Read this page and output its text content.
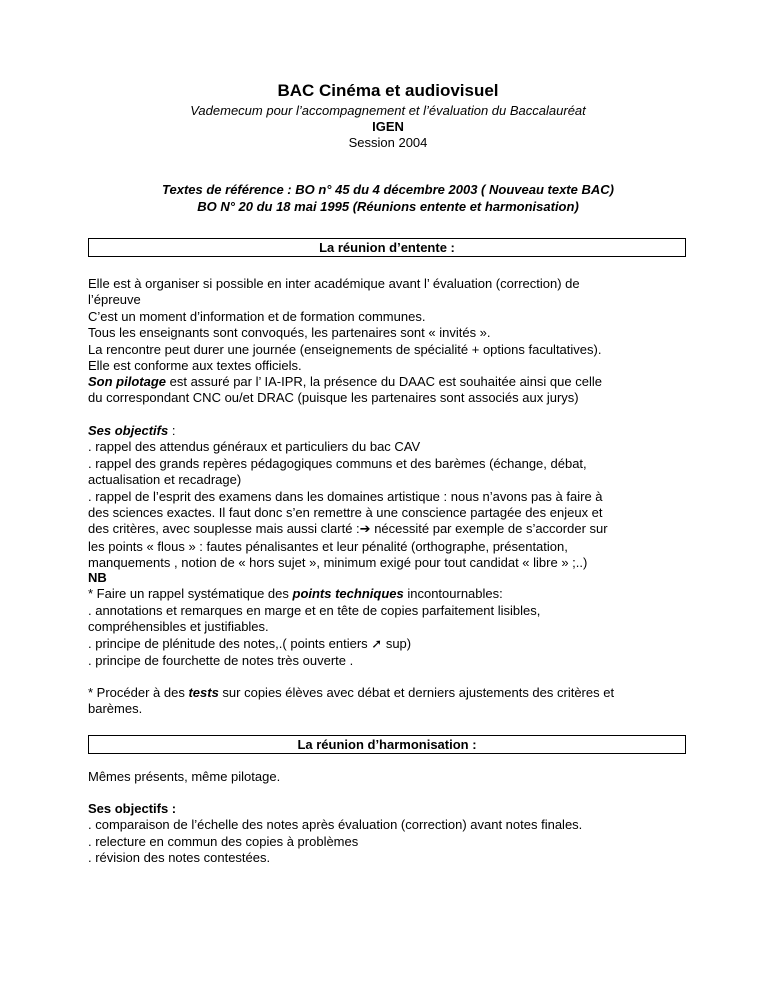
BAC Cinéma et audiovisuel
Vademecum pour l’accompagnement et l’évaluation du Baccalauréat
IGEN
Session 2004
Textes de référence : BO n° 45 du 4 décembre 2003 ( Nouveau texte BAC)
BO N° 20 du 18 mai 1995 (Réunions entente et harmonisation)
La réunion d’entente :

Elle est à organiser si possible en inter académique avant l’ évaluation (correction) de

l’épreuve

C’est un moment d’information et de formation communes.

Tous les enseignants sont convoqués, les partenaires sont « invités ».

La rencontre peut durer une journée (enseignements de spécialité + options facultatives).

Elle est conforme aux textes officiels.

Son pilotage est assuré par l’ IA-IPR, la présence du DAAC est souhaitée ainsi que celle

du correspondant CNC ou/et DRAC (puisque les partenaires sont associés aux jurys)

Ses objectifs :

. rappel des attendus généraux et particuliers du bac CAV

. rappel des grands repères pédagogiques communs et des barèmes (échange, débat,

actualisation et recadrage)

. rappel de l’esprit des examens dans les domaines artistique : nous n’avons pas à faire à

des sciences exactes. Il faut donc s’en remettre à une conscience partagée des enjeux et

des critères, avec souplesse mais aussi clarté :➔ nécessité par exemple de s’accorder sur

les points « flous » : fautes pénalisantes et leur pénalité (orthographe, présentation,

manquements , notion de « hors sujet », minimum exigé pour tout candidat « libre » ;..)

NB

* Faire un rappel systématique des points techniques incontournables:

. annotations et remarques en marge et en tête de copies parfaitement lisibles,

compréhensibles et justifiables.

. principe de plénitude des notes,.( points entiers ➚ sup)

. principe de fourchette de notes très ouverte .

* Procéder à des tests sur copies élèves avec débat et derniers ajustements des critères et

barèmes.

La réunion d’harmonisation :
Mêmes présents, même pilotage.

Ses objectifs :

. comparaison de l’échelle des notes après évaluation (correction) avant notes finales.

. relecture en commun des copies à problèmes

. révision des notes contestées.
